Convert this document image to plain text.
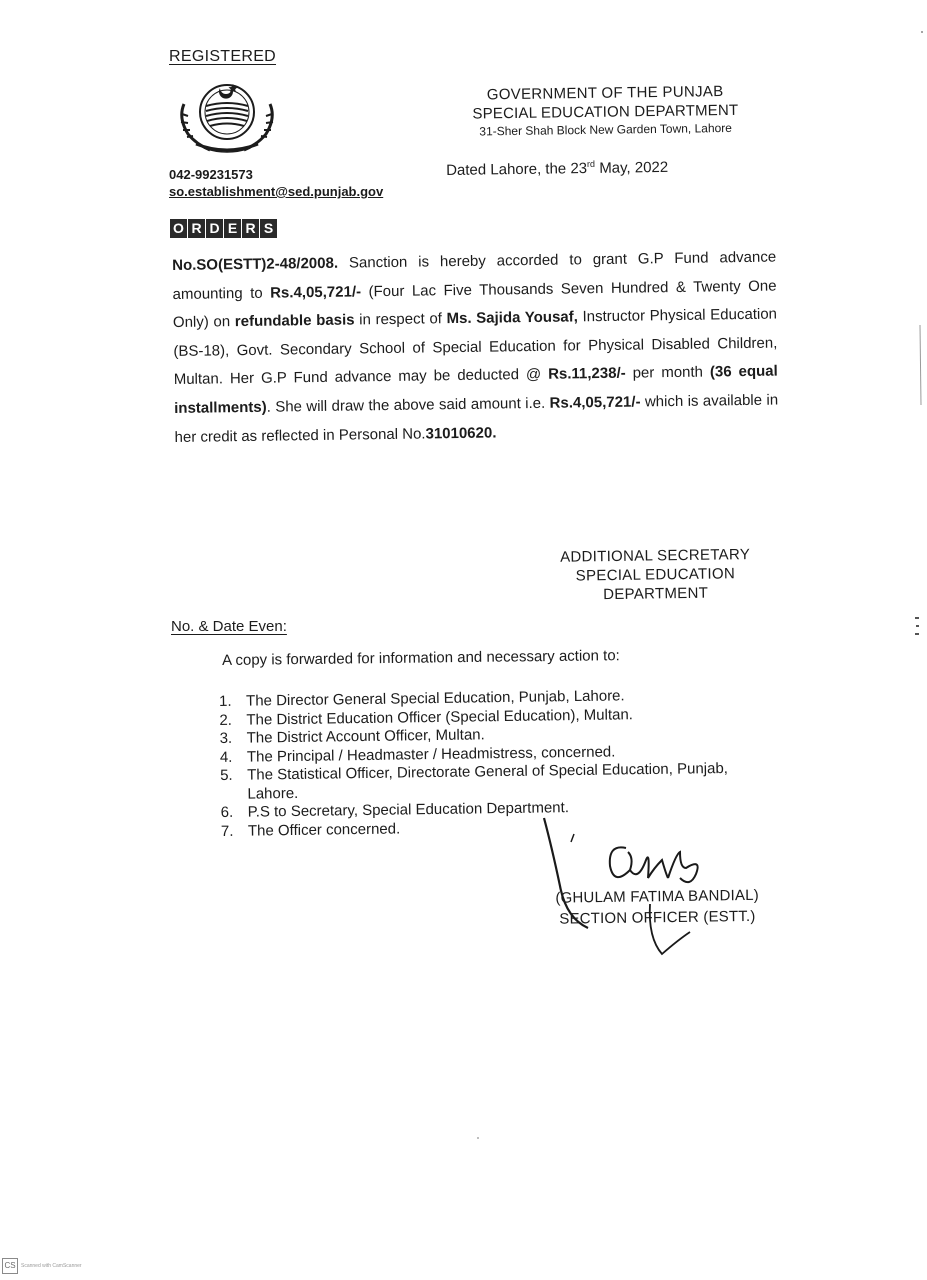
REGISTERED
042-99231573
so.establishment@sed.punjab.gov
GOVERNMENT OF THE PUNJAB
SPECIAL EDUCATION DEPARTMENT
31-Sher Shah Block New Garden Town, Lahore
Dated Lahore, the 23rd May, 2022
O R D E R S
No.SO(ESTT)2-48/2008. Sanction is hereby accorded to grant G.P Fund advance amounting to Rs.4,05,721/- (Four Lac Five Thousands Seven Hundred & Twenty One Only) on refundable basis in respect of Ms. Sajida Yousaf, Instructor Physical Education (BS-18), Govt. Secondary School of Special Education for Physical Disabled Children, Multan. Her G.P Fund advance may be deducted @ Rs.11,238/- per month (36 equal installments). She will draw the above said amount i.e. Rs.4,05,721/- which is available in her credit as reflected in Personal No.31010620.
ADDITIONAL SECRETARY
SPECIAL EDUCATION
DEPARTMENT
No. & Date Even:
A copy is forwarded for information and necessary action to:
1. The Director General Special Education, Punjab, Lahore.
2. The District Education Officer (Special Education), Multan.
3. The District Account Officer, Multan.
4. The Principal / Headmaster / Headmistress, concerned.
5. The Statistical Officer, Directorate General of Special Education, Punjab, Lahore.
6. P.S to Secretary, Special Education Department.
7. The Officer concerned.
(GHULAM FATIMA BANDIAL)
SECTION OFFICER (ESTT.)
CS	Scanned with CamScanner
